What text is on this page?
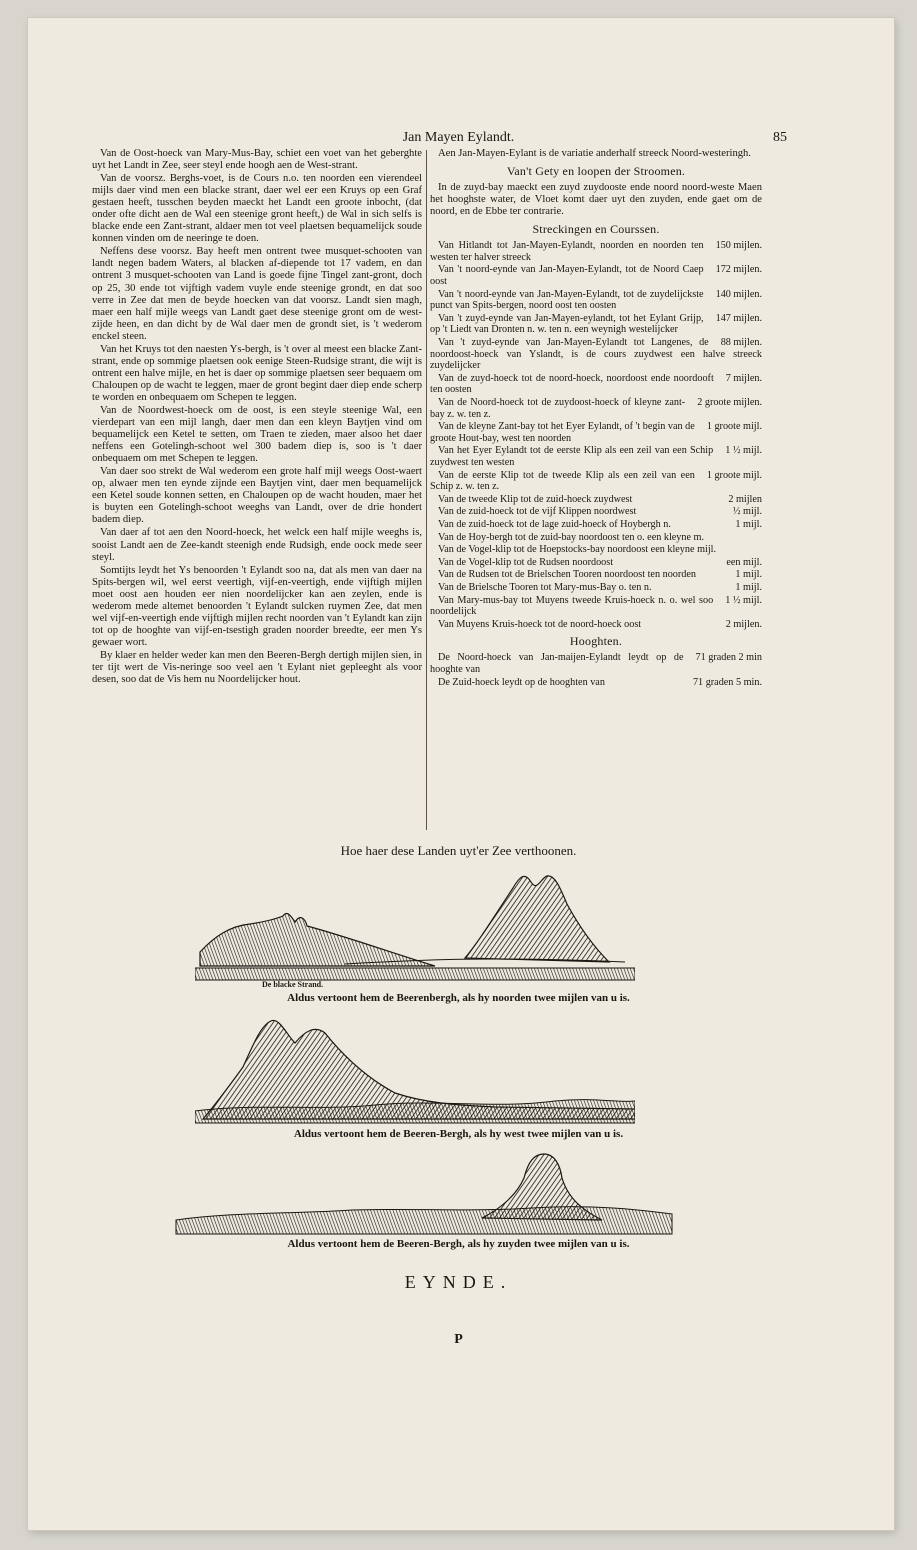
Jan Mayen Eylandt.	85

Van de Oost-hoeck van Mary-Mus-Bay, schiet een voet van het geberghte uyt het Landt in Zee, seer steyl ende hoogh aen de West-strant.

Van de voorsz. Berghs-voet, is de Cours n.o. ten noorden een vierendeel mijls daer vind men een blacke strant, daer wel eer een Kruys op een Graf gestaen heeft, tusschen beyden maeckt het Landt een groote inbocht, (dat onder ofte dicht aen de Wal een steenige gront heeft,) de Wal in sich selfs is blacke ende een Zant-strant, aldaer men tot veel plaetsen bequamelijck soude konnen vinden om de neeringe te doen.

Neffens dese voorsz. Bay heeft men ontrent twee musquet-schooten van landt negen badem Waters, al blacken af-diepende tot 17 vadem, en dan ontrent 3 musquet-schooten van Land is goede fijne Tingel zant-gront, doch op 25, 30 ende tot vijftigh vadem vuyle ende steenige grondt, en dat soo verre in Zee dat men de beyde hoecken van dat voorsz. Landt sien magh, maer een half mijle weegs van Landt gaet dese steenige gront om de west-zijde heen, en dan dicht by de Wal daer men de grondt siet, is 't wederom enckel steen.

Van het Kruys tot den naesten Ys-bergh, is 't over al meest een blacke Zant-strant, ende op sommige plaetsen ook eenige Steen-Rudsige strant, die wijt is ontrent een halve mijle, en het is daer op sommige plaetsen seer bequaem om Chaloupen op de wacht te leggen, maer de gront begint daer diep ende scherp te worden en onbequaem om Schepen te leggen.

Van de Noordwest-hoeck om de oost, is een steyle steenige Wal, een vierdepart van een mijl langh, daer men dan een kleyn Baytjen vind om bequamelijck een Ketel te setten, om Traen te zieden, maer alsoo het daer neffens een Gotelingh-schoot wel 300 badem diep is, soo is 't daer onbequaem om met Schepen te leggen.

Van daer soo strekt de Wal wederom een grote half mijl weegs Oost-waert op, alwaer men ten eynde zijnde een Baytjen vint, daer men bequamelijck een Ketel soude konnen setten, en Chaloupen op de wacht houden, maer het is buyten een Gotelingh-schoot weeghs van Landt, over de drie hondert badem diep.

Van daer af tot aen den Noord-hoeck, het welck een half mijle weeghs is, sooist Landt aen de Zee-kandt steenigh ende Rudsigh, ende oock mede seer steyl.

Somtijts leydt het Ys benoorden 't Eylandt soo na, dat als men van daer na Spits-bergen wil, wel eerst veertigh, vijf-en-veertigh, ende vijftigh mijlen moet oost aen houden eer nien noordelijcker kan aen zeylen, ende is wederom mede altemet benoorden 't Eylandt sulcken ruymen Zee, dat men wel vijf-en-veertigh ende vijftigh mijlen recht noorden van 't Eylandt kan zijn tot op de hooghte van vijf-en-tsestigh graden noorder breedte, eer men Ys gewaer wort.

By klaer en helder weder kan men den Beeren-Bergh dertigh mijlen sien, in ter tijt wert de Vis-neringe soo veel aen 't Eylant niet gepleeght als voor desen, soo dat de Vis hem nu Noordelijcker hout.

Aen Jan-Mayen-Eylant is de variatie anderhalf streeck Noord-westeringh.

Van't Gety en loopen der Stroomen.

In de zuyd-bay maeckt een zuyd zuydooste ende noord noord-weste Maen het hooghste water, de Vloet komt daer uyt den zuyden, ende gaet om de noord, en de Ebbe ter contrarie.

Streckingen en Courssen.

150 mijlen.
Van Hitlandt tot Jan-Mayen-Eylandt, noorden en noorden ten westen ter halver streeck

172 mijlen.
Van 't noord-eynde van Jan-Mayen-Eylandt, tot de Noord Caep oost

140 mijlen.
Van 't noord-eynde van Jan-Mayen-Eylandt, tot de zuydelijckste punct van Spits-bergen, noord oost ten oosten

147 mijlen.
Van 't zuyd-eynde van Jan-Mayen-eylandt, tot het Eylant Grijp, op 't Liedt van Dronten n. w. ten n. een weynigh westelijcker

88 mijlen.
Van 't zuyd-eynde van Jan-Mayen-Eylandt tot Langenes, de noordoost-hoeck van Yslandt, is de cours zuydwest een halve streeck zuydelijcker

7 mijlen.
Van de zuyd-hoeck tot de noord-hoeck, noordoost ende noordooft ten oosten

2 groote mijlen.
Van de Noord-hoeck tot de zuydoost-hoeck of kleyne zant-bay z. w. ten z.

1 groote mijl.
Van de kleyne Zant-bay tot het Eyer Eylandt, of 't begin van de groote Hout-bay, west ten noorden

1 ½ mijl.
Van het Eyer Eylandt tot de eerste Klip als een zeil van een Schip zuydwest ten westen

1 groote mijl.
Van de eerste Klip tot de tweede Klip als een zeil van een Schip z. w. ten z.

2 mijlen
Van de tweede Klip tot de zuid-hoeck zuydwest

½ mijl.
Van de zuid-hoeck tot de vijf Klippen noordwest

1 mijl.
Van de zuid-hoeck tot de lage zuid-hoeck of Hoybergh n.

Van de Hoy-bergh tot de zuid-bay noordoost ten o. een kleyne m.

Van de Vogel-klip tot de Hoepstocks-bay noordoost een kleyne mijl.

een mijl.
Van de Vogel-klip tot de Rudsen noordoost

1 mijl.
Van de Rudsen tot de Brielschen Tooren noordoost ten noorden

1 mijl.
Van de Brielsche Tooren tot Mary-mus-Bay o. ten n.

1 ½ mijl.
Van Mary-mus-bay tot Muyens tweede Kruis-hoeck n. o. wel soo noordelijck

2 mijlen.
Van Muyens Kruis-hoeck tot de noord-hoeck oost

Hooghten.

71 graden 2 min
De Noord-hoeck van Jan-maijen-Eylandt leydt op de hooghte van

71 graden 5 min.
De Zuid-hoeck leydt op de hooghten van

Hoe haer dese Landen uyt'er Zee verthoonen.
De blacke Strand.
Aldus vertoont hem de Beerenbergh, als hy noorden twee mijlen van u is.
Aldus vertoont hem de Beeren-Bergh, als hy west twee mijlen van u is.
Aldus vertoont hem de Beeren-Bergh, als hy zuyden twee mijlen van u is.
EYNDE.
P
